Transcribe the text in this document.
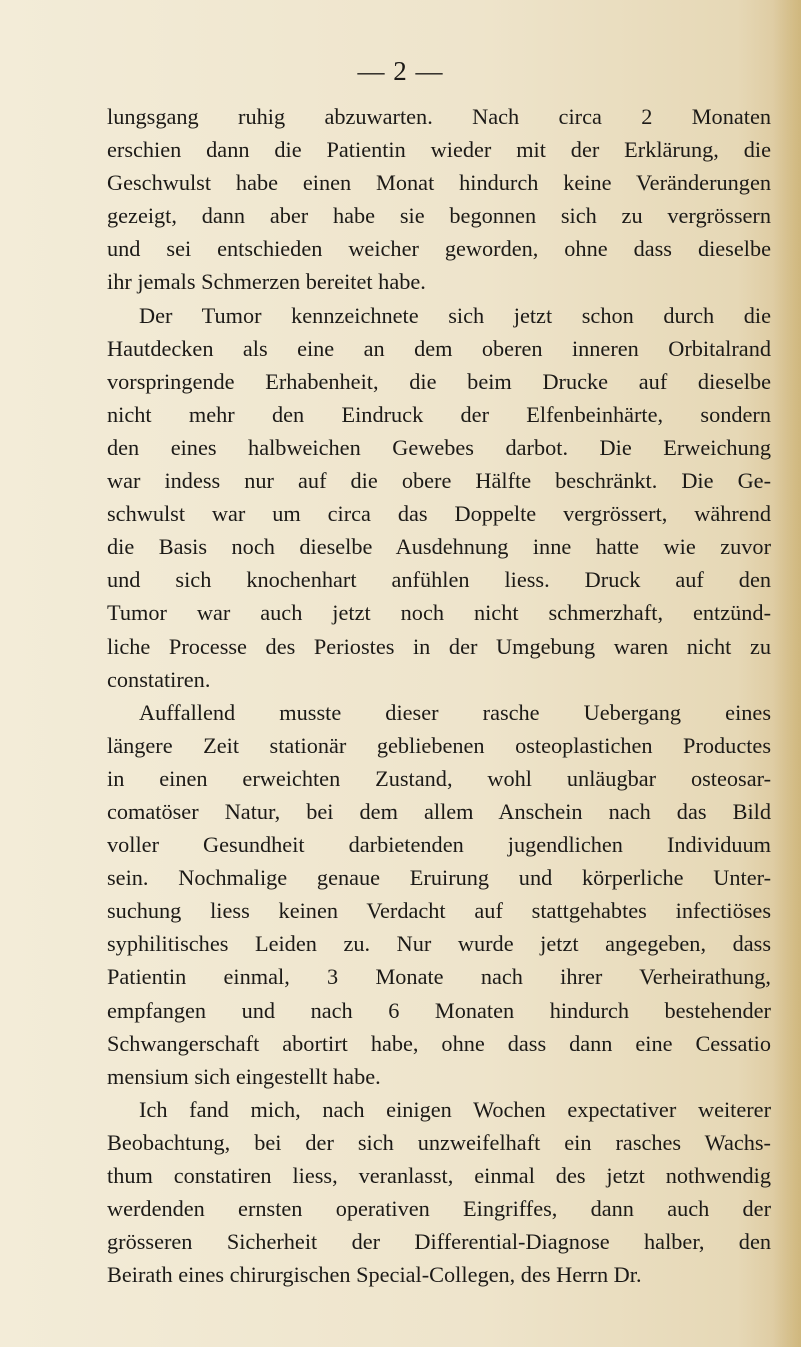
— 2 —
lungsgang ruhig abzuwarten. Nach circa 2 Monaten
erschien dann die Patientin wieder mit der Erklärung, die
Geschwulst habe einen Monat hindurch keine Veränderungen
gezeigt, dann aber habe sie begonnen sich zu vergrössern
und sei entschieden weicher geworden, ohne dass dieselbe
ihr jemals Schmerzen bereitet habe.
Der Tumor kennzeichnete sich jetzt schon durch die
Hautdecken als eine an dem oberen inneren Orbitalrand
vorspringende Erhabenheit, die beim Drucke auf dieselbe
nicht mehr den Eindruck der Elfenbeinhärte, sondern
den eines halbweichen Gewebes darbot. Die Erweichung
war indess nur auf die obere Hälfte beschränkt. Die Ge-
schwulst war um circa das Doppelte vergrössert, während
die Basis noch dieselbe Ausdehnung inne hatte wie zuvor
und sich knochenhart anfühlen liess. Druck auf den
Tumor war auch jetzt noch nicht schmerzhaft, entzünd-
liche Processe des Periostes in der Umgebung waren nicht zu
constatiren.
Auffallend musste dieser rasche Uebergang eines
längere Zeit stationär gebliebenen osteoplastichen Productes
in einen erweichten Zustand, wohl unläugbar osteosar-
comatöser Natur, bei dem allem Anschein nach das Bild
voller Gesundheit darbietenden jugendlichen Individuum
sein. Nochmalige genaue Eruirung und körperliche Unter-
suchung liess keinen Verdacht auf stattgehabtes infectiöses
syphilitisches Leiden zu. Nur wurde jetzt angegeben, dass
Patientin einmal, 3 Monate nach ihrer Verheirathung,
empfangen und nach 6 Monaten hindurch bestehender
Schwangerschaft abortirt habe, ohne dass dann eine Cessatio
mensium sich eingestellt habe.
Ich fand mich, nach einigen Wochen expectativer weiterer
Beobachtung, bei der sich unzweifelhaft ein rasches Wachs-
thum constatiren liess, veranlasst, einmal des jetzt nothwendig
werdenden ernsten operativen Eingriffes, dann auch der
grösseren Sicherheit der Differential-Diagnose halber, den
Beirath eines chirurgischen Special-Collegen, des Herrn Dr.
